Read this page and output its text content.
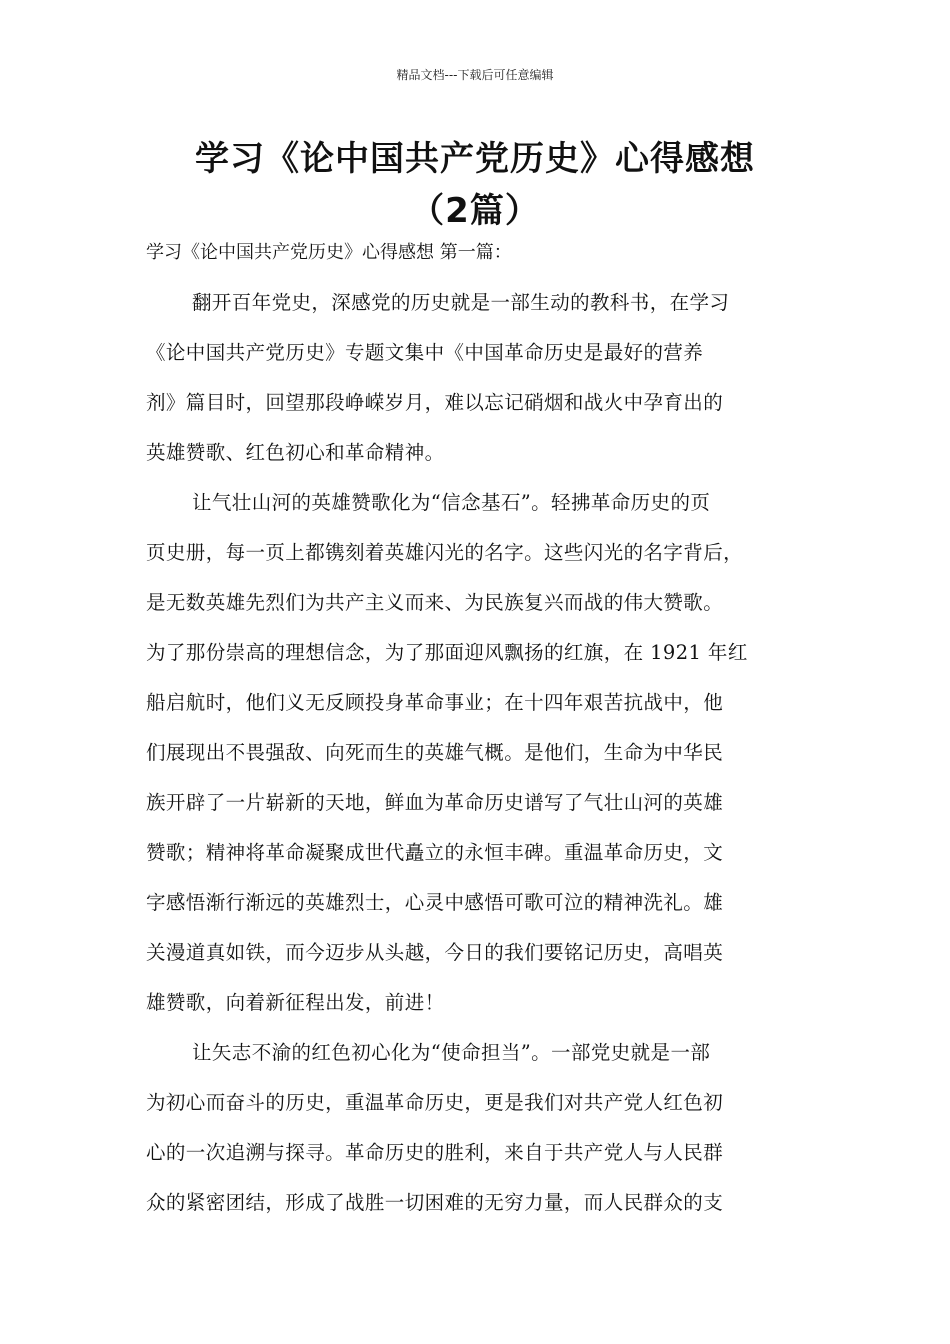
精品文档---下载后可任意编辑
学习《论中国共产党历史》心得感想
（2篇）
学习《论中国共产党历史》心得感想 第一篇：
翻开百年党史，深感党的历史就是一部生动的教科书，在学习
《论中国共产党历史》专题文集中《中国革命历史是最好的营养
剂》篇目时，回望那段峥嵘岁月，难以忘记硝烟和战火中孕育出的
英雄赞歌、红色初心和革命精神。
让气壮山河的英雄赞歌化为“信念基石”。轻拂革命历史的页
页史册，每一页上都镌刻着英雄闪光的名字。这些闪光的名字背后，
是无数英雄先烈们为共产主义而来、为民族复兴而战的伟大赞歌。
为了那份崇高的理想信念，为了那面迎风飘扬的红旗，在 1921 年红
船启航时，他们义无反顾投身革命事业；在十四年艰苦抗战中，他
们展现出不畏强敌、向死而生的英雄气概。是他们，生命为中华民
族开辟了一片崭新的天地，鲜血为革命历史谱写了气壮山河的英雄
赞歌；精神将革命凝聚成世代矗立的永恒丰碑。重温革命历史，文
字感悟渐行渐远的英雄烈士，心灵中感悟可歌可泣的精神洗礼。雄
关漫道真如铁，而今迈步从头越，今日的我们要铭记历史，高唱英
雄赞歌，向着新征程出发，前进！
让矢志不渝的红色初心化为“使命担当”。一部党史就是一部
为初心而奋斗的历史，重温革命历史，更是我们对共产党人红色初
心的一次追溯与探寻。革命历史的胜利，来自于共产党人与人民群
众的紧密团结，形成了战胜一切困难的无穷力量，而人民群众的支
